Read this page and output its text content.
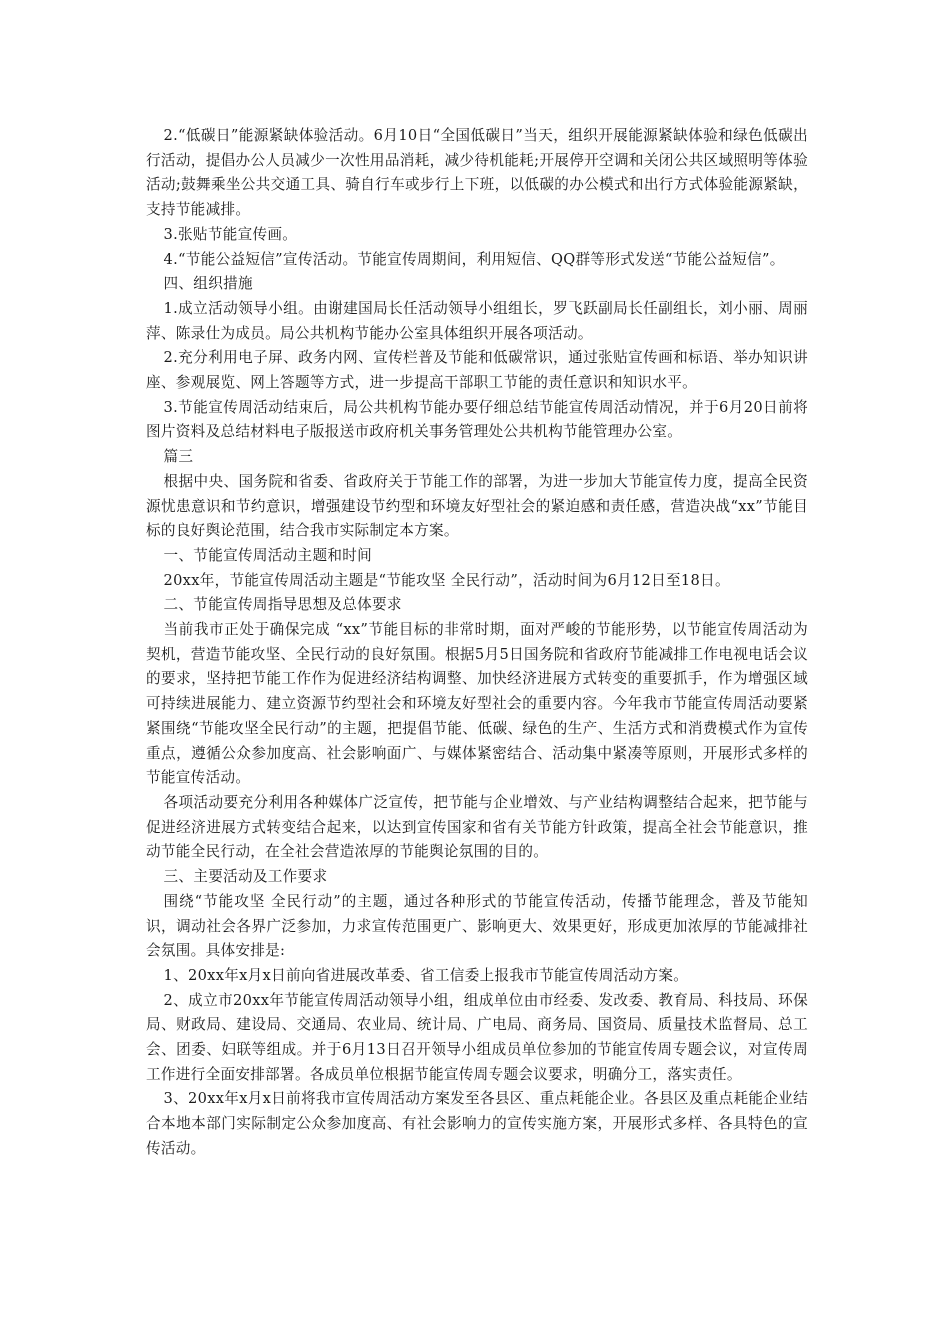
2.“低碳日”能源紧缺体验活动。6月10日“全国低碳日”当天，组织开展能源紧缺体验和绿色低碳出行活动，提倡办公人员减少一次性用品消耗，减少待机能耗;开展停开空调和关闭公共区域照明等体验活动;鼓舞乘坐公共交通工具、骑自行车或步行上下班，以低碳的办公模式和出行方式体验能源紧缺，支持节能减排。

3.张贴节能宣传画。

4.“节能公益短信”宣传活动。节能宣传周期间，利用短信、QQ群等形式发送“节能公益短信”。

四、组织措施

1.成立活动领导小组。由谢建国局长任活动领导小组组长，罗飞跃副局长任副组长，刘小丽、周丽萍、陈录仕为成员。局公共机构节能办公室具体组织开展各项活动。

2.充分利用电子屏、政务内网、宣传栏普及节能和低碳常识，通过张贴宣传画和标语、举办知识讲座、参观展览、网上答题等方式，进一步提高干部职工节能的责任意识和知识水平。

3.节能宣传周活动结束后，局公共机构节能办要仔细总结节能宣传周活动情况，并于6月20日前将图片资料及总结材料电子版报送市政府机关事务管理处公共机构节能管理办公室。

篇三

根据中央、国务院和省委、省政府关于节能工作的部署，为进一步加大节能宣传力度，提高全民资源忧患意识和节约意识，增强建设节约型和环境友好型社会的紧迫感和责任感，营造决战“xx”节能目标的良好舆论范围，结合我市实际制定本方案。

一、节能宣传周活动主题和时间

20xx年，节能宣传周活动主题是“节能攻坚 全民行动”，活动时间为6月12日至18日。

二、节能宣传周指导思想及总体要求

当前我市正处于确保完成 “xx”节能目标的非常时期，面对严峻的节能形势，以节能宣传周活动为契机，营造节能攻坚、全民行动的良好氛围。根据5月5日国务院和省政府节能减排工作电视电话会议的要求，坚持把节能工作作为促进经济结构调整、加快经济进展方式转变的重要抓手，作为增强区域可持续进展能力、建立资源节约型社会和环境友好型社会的重要内容。今年我市节能宣传周活动要紧紧围绕“节能攻坚全民行动”的主题，把提倡节能、低碳、绿色的生产、生活方式和消费模式作为宣传重点，遵循公众参加度高、社会影响面广、与媒体紧密结合、活动集中紧凑等原则，开展形式多样的节能宣传活动。

各项活动要充分利用各种媒体广泛宣传，把节能与企业增效、与产业结构调整结合起来，把节能与促进经济进展方式转变结合起来，以达到宣传国家和省有关节能方针政策，提高全社会节能意识，推动节能全民行动，在全社会营造浓厚的节能舆论氛围的目的。

三、主要活动及工作要求

围绕“节能攻坚 全民行动”的主题，通过各种形式的节能宣传活动，传播节能理念，普及节能知识，调动社会各界广泛参加，力求宣传范围更广、影响更大、效果更好，形成更加浓厚的节能减排社会氛围。具体安排是:

1、20xx年x月x日前向省进展改革委、省工信委上报我市节能宣传周活动方案。

2、成立市20xx年节能宣传周活动领导小组，组成单位由市经委、发改委、教育局、科技局、环保局、财政局、建设局、交通局、农业局、统计局、广电局、商务局、国资局、质量技术监督局、总工会、团委、妇联等组成。并于6月13日召开领导小组成员单位参加的节能宣传周专题会议，对宣传周工作进行全面安排部署。各成员单位根据节能宣传周专题会议要求，明确分工，落实责任。

3、20xx年x月x日前将我市宣传周活动方案发至各县区、重点耗能企业。各县区及重点耗能企业结合本地本部门实际制定公众参加度高、有社会影响力的宣传实施方案，开展形式多样、各具特色的宣传活动。
